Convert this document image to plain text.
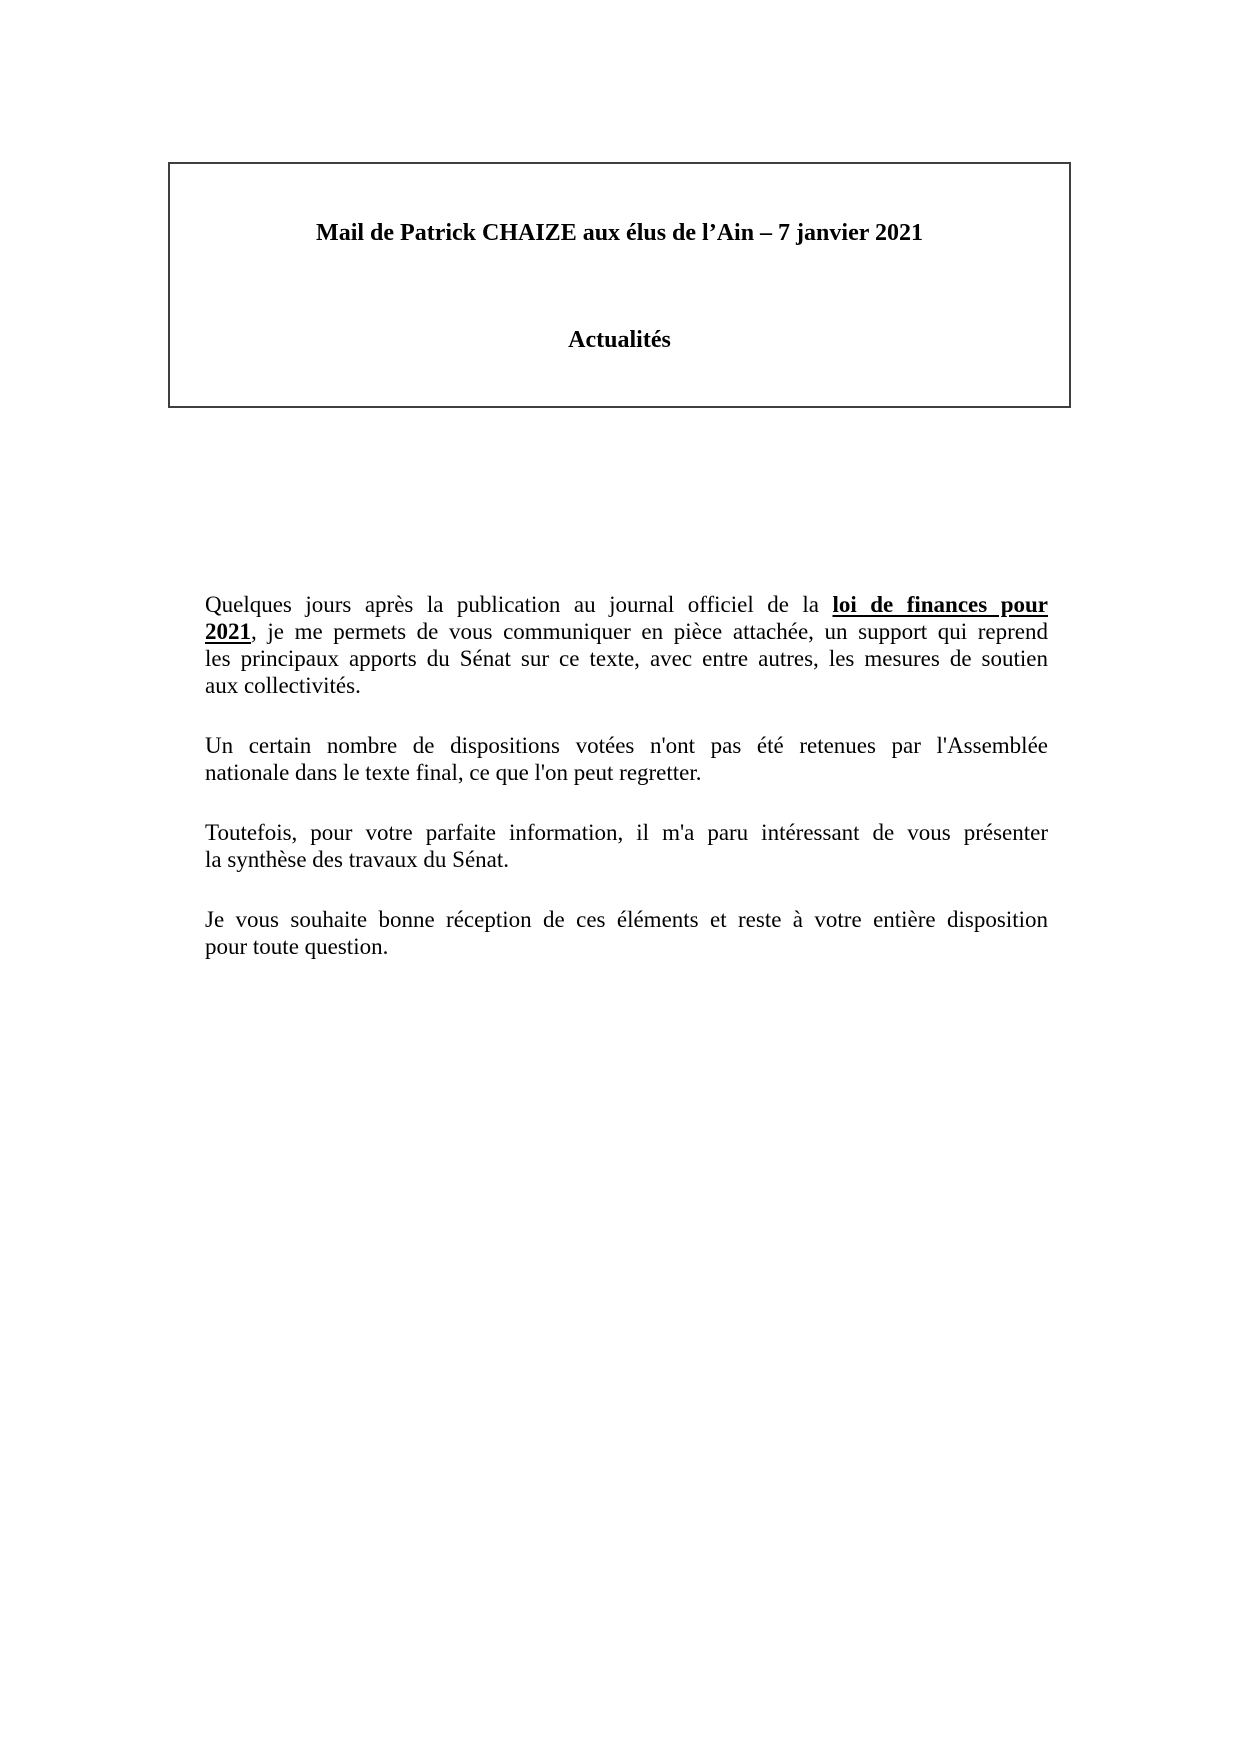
Mail de Patrick CHAIZE aux élus de l’Ain – 7 janvier 2021
Actualités
Quelques jours après la publication au journal officiel de la loi de finances pour
2021, je me permets de vous communiquer en pièce attachée, un support qui reprend
les principaux apports du Sénat sur ce texte, avec entre autres, les mesures de soutien
aux collectivités.
Un certain nombre de dispositions votées n'ont pas été retenues par l'Assemblée
nationale dans le texte final, ce que l'on peut regretter.
Toutefois, pour votre parfaite information, il m'a paru intéressant de vous présenter
la synthèse des travaux du Sénat.
Je vous souhaite bonne réception de ces éléments et reste à votre entière disposition
pour toute question.
